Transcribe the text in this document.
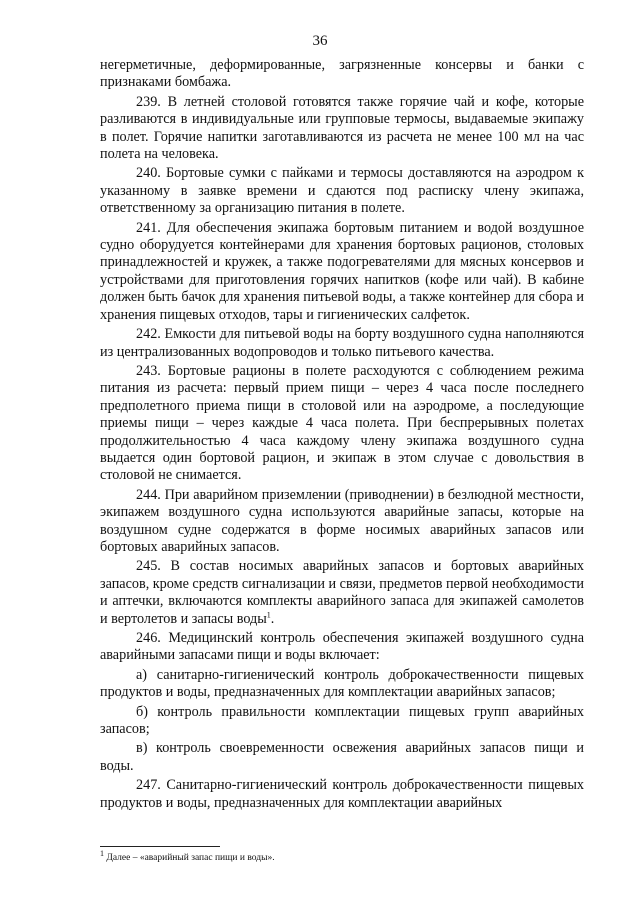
36

негерметичные, деформированные, загрязненные консервы и банки с признаками бомбажа.

239. В летней столовой готовятся также горячие чай и кофе, которые разливаются в индивидуальные или групповые термосы, выдаваемые экипажу в полет. Горячие напитки заготавливаются из расчета не менее 100 мл на час полета на человека.

240. Бортовые сумки с пайками и термосы доставляются на аэродром к указанному в заявке времени и сдаются под расписку члену экипажа, ответственному за организацию питания в полете.

241. Для обеспечения экипажа бортовым питанием и водой воздушное судно оборудуется контейнерами для хранения бортовых рационов, столовых принадлежностей и кружек, а также подогревателями для мясных консервов и устройствами для приготовления горячих напитков (кофе или чай). В кабине должен быть бачок для хранения питьевой воды, а также контейнер для сбора и хранения пищевых отходов, тары и гигиенических салфеток.

242. Емкости для питьевой воды на борту воздушного судна наполняются из централизованных водопроводов и только питьевого качества.

243. Бортовые рационы в полете расходуются с соблюдением режима питания из расчета: первый прием пищи – через 4 часа после последнего предполетного приема пищи в столовой или на аэродроме, а последующие приемы пищи – через каждые 4 часа полета. При беспрерывных полетах продолжительностью 4 часа каждому члену экипажа воздушного судна выдается один бортовой рацион, и экипаж в этом случае с довольствия в столовой не снимается.

244. При аварийном приземлении (приводнении) в безлюдной местности, экипажем воздушного судна используются аварийные запасы, которые на воздушном судне содержатся в форме носимых аварийных запасов или бортовых аварийных запасов.

245. В состав носимых аварийных запасов и бортовых аварийных запасов, кроме средств сигнализации и связи, предметов первой необходимости и аптечки, включаются комплекты аварийного запаса для экипажей самолетов и вертолетов и запасы воды$^1$.

246. Медицинский контроль обеспечения экипажей воздушного судна аварийными запасами пищи и воды включает:

а) санитарно-гигиенический контроль доброкачественности пищевых продуктов и воды, предназначенных для комплектации аварийных запасов;

б) контроль правильности комплектации пищевых групп аварийных запасов;

в) контроль своевременности освежения аварийных запасов пищи и воды.

247. Санитарно-гигиенический контроль доброкачественности пищевых продуктов и воды, предназначенных для комплектации аварийных

$^1$ Далее – «аварийный запас пищи и воды».
